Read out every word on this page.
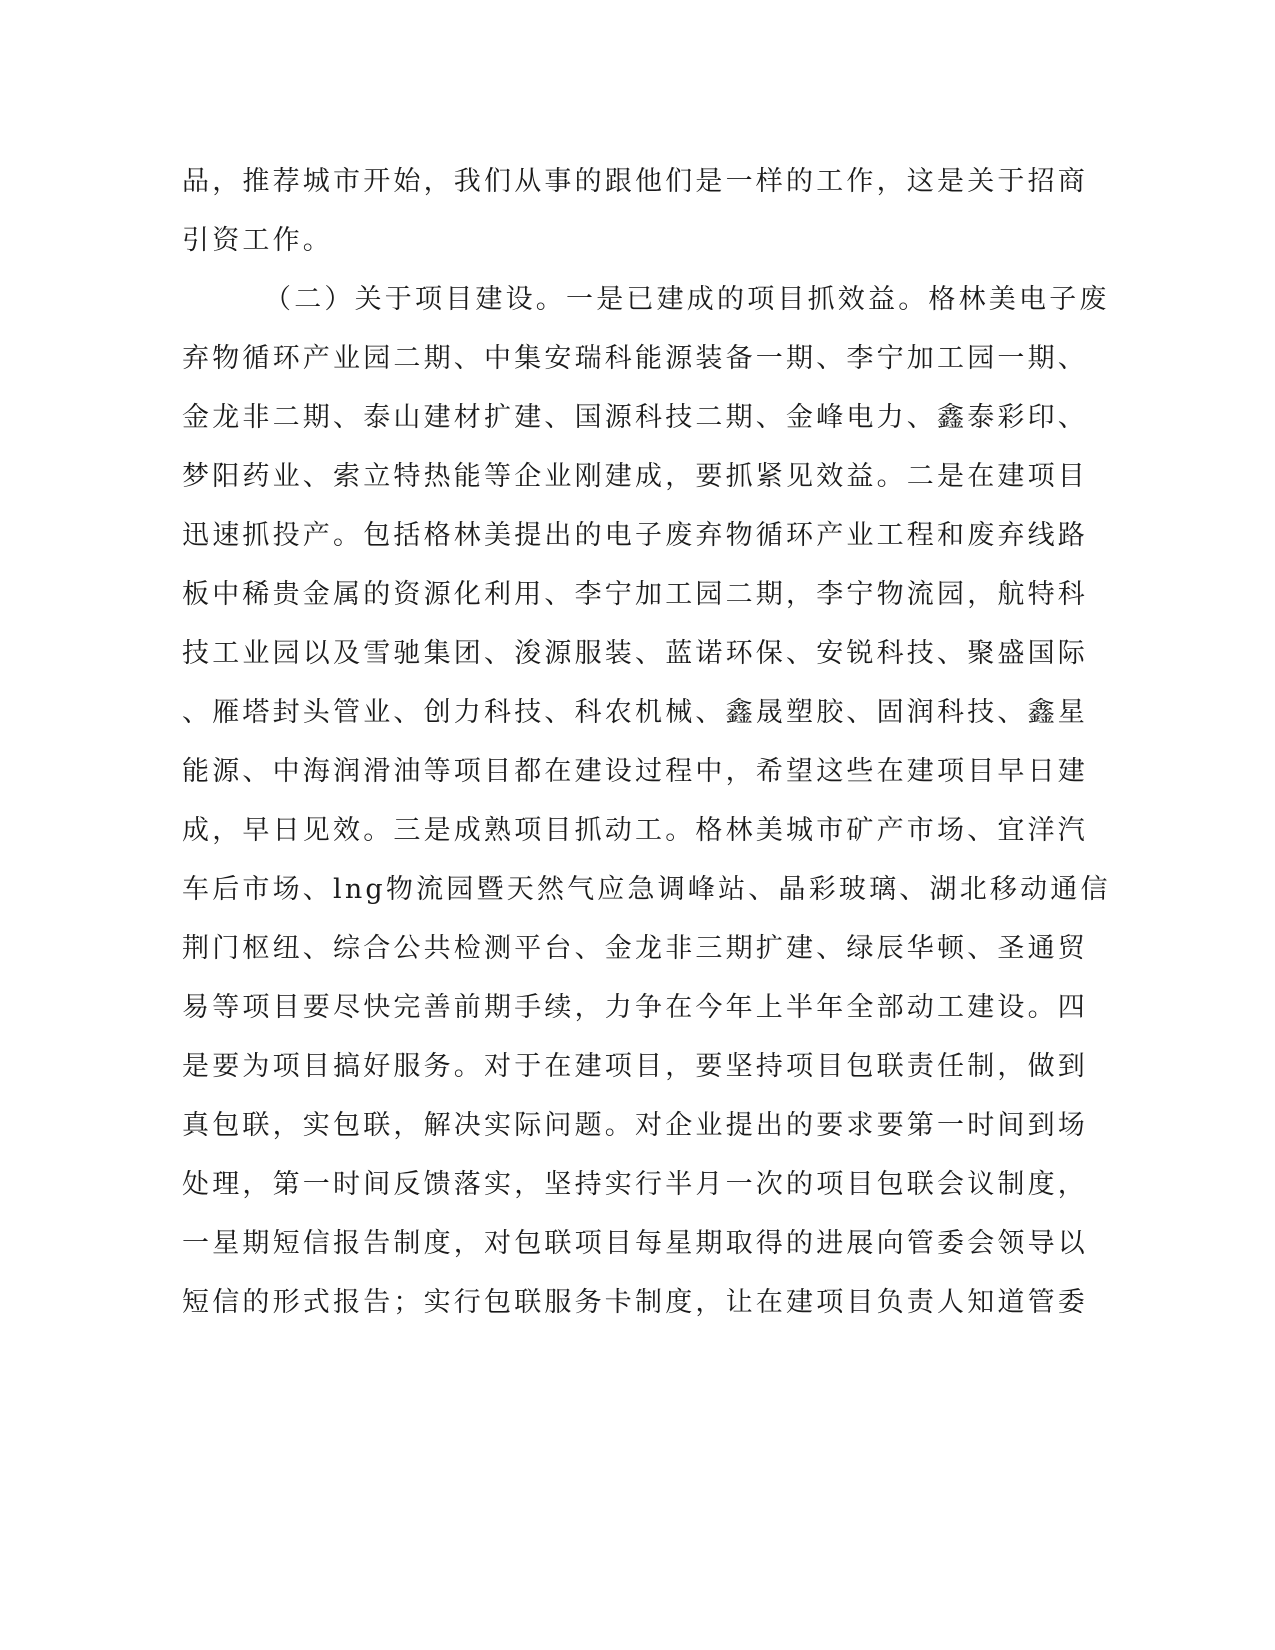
品，推荐城市开始，我们从事的跟他们是一样的工作，这是关于招商
引资工作。
（二）关于项目建设。一是已建成的项目抓效益。格林美电子废
弃物循环产业园二期、中集安瑞科能源装备一期、李宁加工园一期、
金龙非二期、泰山建材扩建、国源科技二期、金峰电力、鑫泰彩印、
梦阳药业、索立特热能等企业刚建成，要抓紧见效益。二是在建项目
迅速抓投产。包括格林美提出的电子废弃物循环产业工程和废弃线路
板中稀贵金属的资源化利用、李宁加工园二期，李宁物流园，航特科
技工业园以及雪驰集团、浚源服装、蓝诺环保、安锐科技、聚盛国际
、雁塔封头管业、创力科技、科农机械、鑫晟塑胶、固润科技、鑫星
能源、中海润滑油等项目都在建设过程中，希望这些在建项目早日建
成，早日见效。三是成熟项目抓动工。格林美城市矿产市场、宜洋汽
车后市场、lng物流园暨天然气应急调峰站、晶彩玻璃、湖北移动通信
荆门枢纽、综合公共检测平台、金龙非三期扩建、绿辰华顿、圣通贸
易等项目要尽快完善前期手续，力争在今年上半年全部动工建设。四
是要为项目搞好服务。对于在建项目，要坚持项目包联责任制，做到
真包联，实包联，解决实际问题。对企业提出的要求要第一时间到场
处理，第一时间反馈落实，坚持实行半月一次的项目包联会议制度，
一星期短信报告制度，对包联项目每星期取得的进展向管委会领导以
短信的形式报告；实行包联服务卡制度，让在建项目负责人知道管委
